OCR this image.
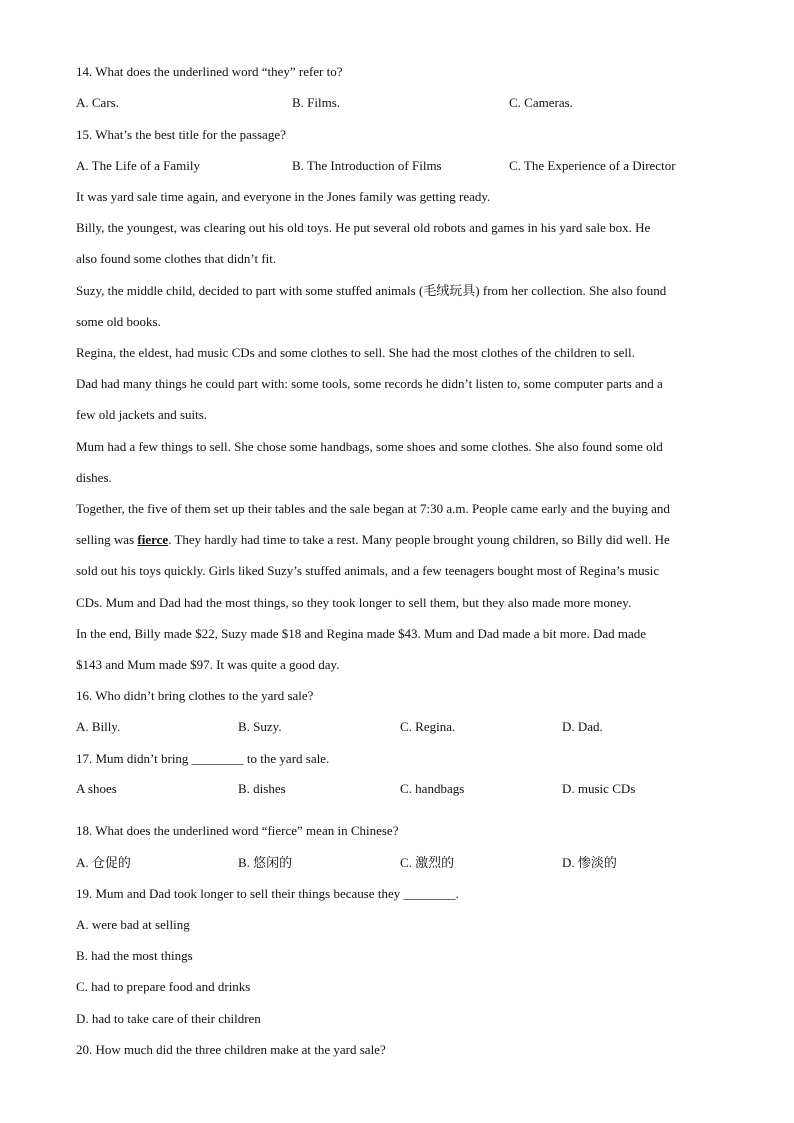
14. What does the underlined word “they” refer to?
A. Cars.	B. Films.	C. Cameras.
15. What’s the best title for the passage?
A. The Life of a Family	B. The Introduction of Films	C. The Experience of a Director
It was yard sale time again, and everyone in the Jones family was getting ready.
Billy, the youngest, was clearing out his old toys. He put several old robots and games in his yard sale box. He
also found some clothes that didn’t fit.
Suzy, the middle child, decided to part with some stuffed animals (毛绒玩具) from her collection. She also found
some old books.
Regina, the eldest, had music CDs and some clothes to sell. She had the most clothes of the children to sell.
Dad had many things he could part with: some tools, some records he didn’t listen to, some computer parts and a
few old jackets and suits.
Mum had a few things to sell. She chose some handbags, some shoes and some clothes. She also found some old
dishes.
Together, the five of them set up their tables and the sale began at 7:30 a.m. People came early and the buying and
selling was fierce. They hardly had time to take a rest. Many people brought young children, so Billy did well. He
sold out his toys quickly. Girls liked Suzy’s stuffed animals, and a few teenagers bought most of Regina’s music
CDs. Mum and Dad had the most things, so they took longer to sell them, but they also made more money.
In the end, Billy made $22, Suzy made $18 and Regina made $43. Mum and Dad made a bit more. Dad made
$143 and Mum made $97. It was quite a good day.
16. Who didn’t bring clothes to the yard sale?
A. Billy.	B. Suzy.	C. Regina.	D. Dad.
17. Mum didn’t bring ________ to the yard sale.
A shoes	B. dishes	C. handbags	D. music CDs
18. What does the underlined word “fierce” mean in Chinese?
A. 仓促的	B. 悠闲的	C. 激烈的	D. 惨淡的
19. Mum and Dad took longer to sell their things because they ________.
A. were bad at selling
B. had the most things
C. had to prepare food and drinks
D. had to take care of their children
20. How much did the three children make at the yard sale?
